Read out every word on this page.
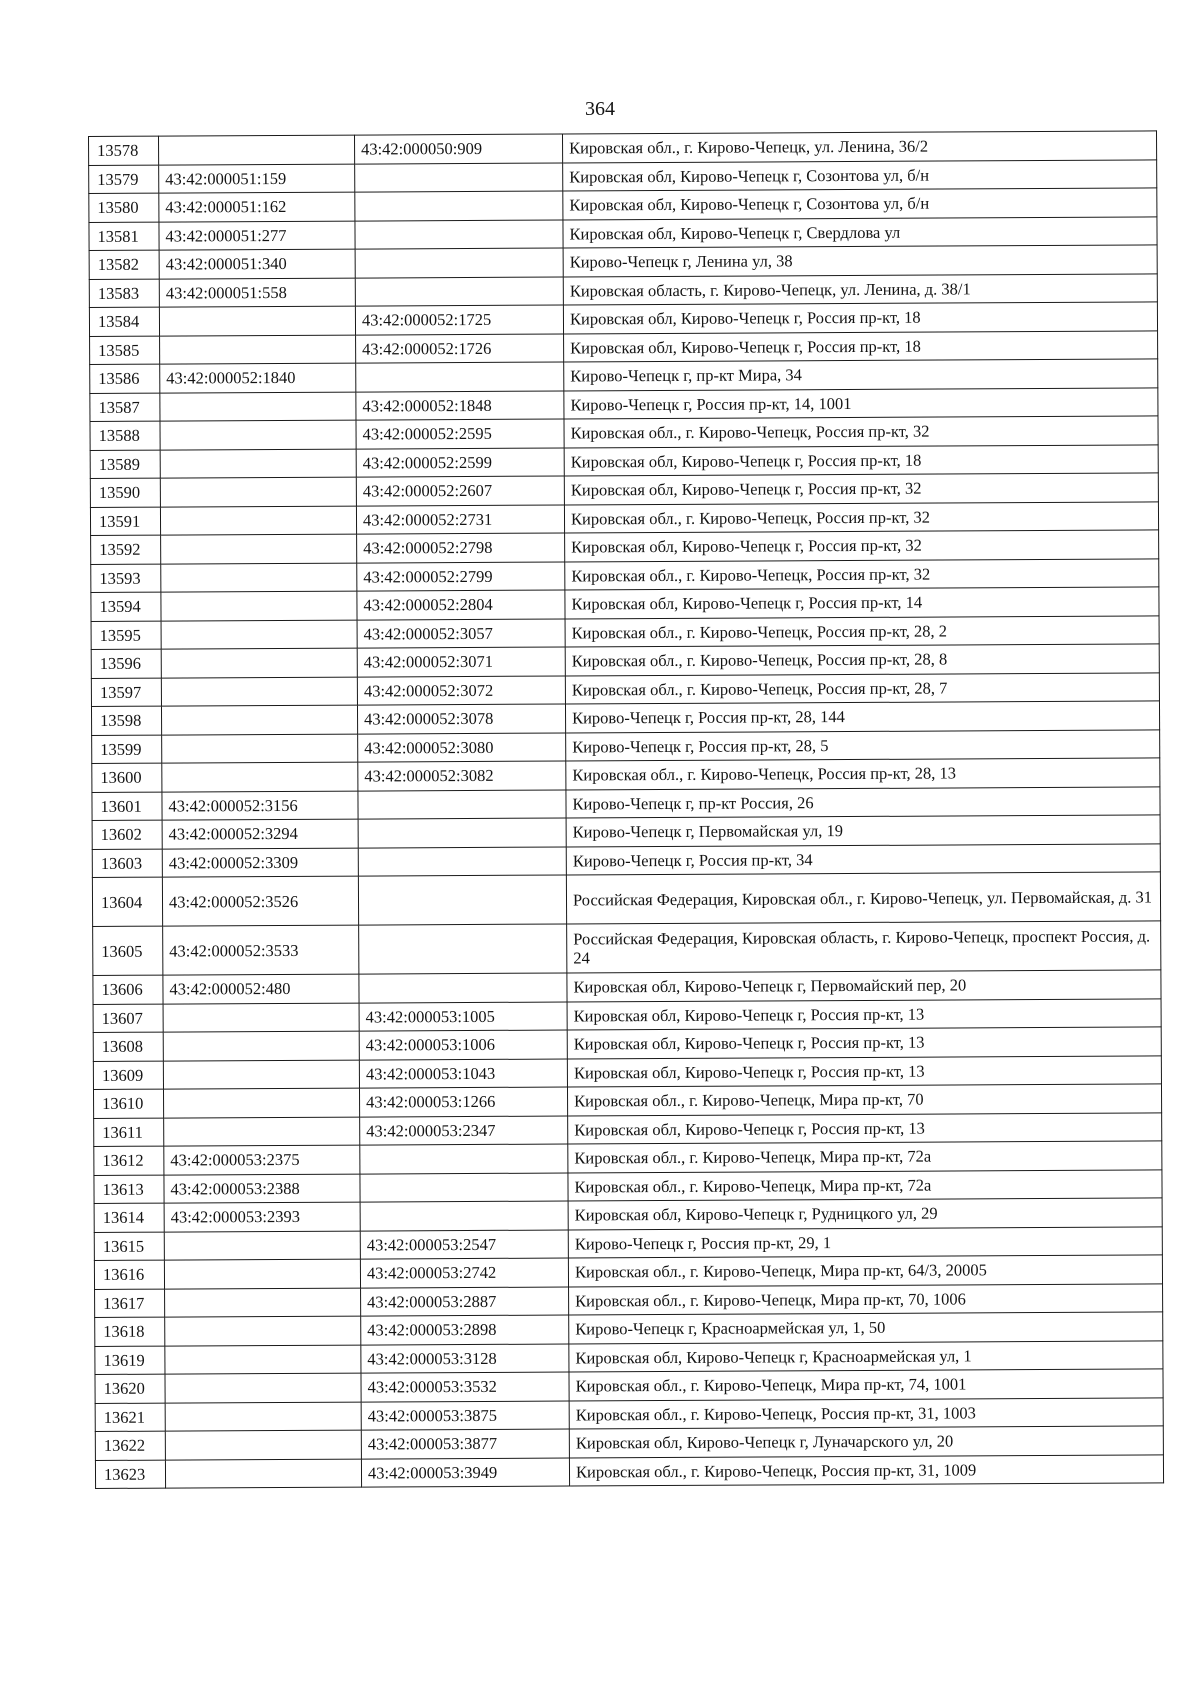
364
13578		43:42:000050:909	Кировская обл., г. Кирово-Чепецк, ул. Ленина, 36/2
13579	43:42:000051:159		Кировская обл, Кирово-Чепецк г, Созонтова ул, б/н
13580	43:42:000051:162		Кировская обл, Кирово-Чепецк г, Созонтова ул, б/н
13581	43:42:000051:277		Кировская обл, Кирово-Чепецк г, Свердлова ул
13582	43:42:000051:340		Кирово-Чепецк г, Ленина ул, 38
13583	43:42:000051:558		Кировская область, г. Кирово-Чепецк, ул. Ленина, д. 38/1
13584		43:42:000052:1725	Кировская обл, Кирово-Чепецк г, Россия пр-кт, 18
13585		43:42:000052:1726	Кировская обл, Кирово-Чепецк г, Россия пр-кт, 18
13586	43:42:000052:1840		Кирово-Чепецк г, пр-кт Мира, 34
13587		43:42:000052:1848	Кирово-Чепецк г, Россия пр-кт, 14, 1001
13588		43:42:000052:2595	Кировская обл., г. Кирово-Чепецк, Россия пр-кт, 32
13589		43:42:000052:2599	Кировская обл, Кирово-Чепецк г, Россия пр-кт, 18
13590		43:42:000052:2607	Кировская обл, Кирово-Чепецк г, Россия пр-кт, 32
13591		43:42:000052:2731	Кировская обл., г. Кирово-Чепецк, Россия пр-кт, 32
13592		43:42:000052:2798	Кировская обл, Кирово-Чепецк г, Россия пр-кт, 32
13593		43:42:000052:2799	Кировская обл., г. Кирово-Чепецк, Россия пр-кт, 32
13594		43:42:000052:2804	Кировская обл, Кирово-Чепецк г, Россия пр-кт, 14
13595		43:42:000052:3057	Кировская обл., г. Кирово-Чепецк, Россия пр-кт, 28, 2
13596		43:42:000052:3071	Кировская обл., г. Кирово-Чепецк, Россия пр-кт, 28, 8
13597		43:42:000052:3072	Кировская обл., г. Кирово-Чепецк, Россия пр-кт, 28, 7
13598		43:42:000052:3078	Кирово-Чепецк г, Россия пр-кт, 28, 144
13599		43:42:000052:3080	Кирово-Чепецк г, Россия пр-кт, 28, 5
13600		43:42:000052:3082	Кировская обл., г. Кирово-Чепецк, Россия пр-кт, 28, 13
13601	43:42:000052:3156		Кирово-Чепецк г, пр-кт Россия, 26
13602	43:42:000052:3294		Кирово-Чепецк г, Первомайская ул, 19
13603	43:42:000052:3309		Кирово-Чепецк г, Россия пр-кт, 34
13604	43:42:000052:3526		Российская Федерация, Кировская обл., г. Кирово-Чепецк, ул. Первомайская, д. 31
13605	43:42:000052:3533		Российская Федерация, Кировская область, г. Кирово-Чепецк, проспект Россия, д. 24
13606	43:42:000052:480		Кировская обл, Кирово-Чепецк г, Первомайский пер, 20
13607		43:42:000053:1005	Кировская обл, Кирово-Чепецк г, Россия пр-кт, 13
13608		43:42:000053:1006	Кировская обл, Кирово-Чепецк г, Россия пр-кт, 13
13609		43:42:000053:1043	Кировская обл, Кирово-Чепецк г, Россия пр-кт, 13
13610		43:42:000053:1266	Кировская обл., г. Кирово-Чепецк, Мира пр-кт, 70
13611		43:42:000053:2347	Кировская обл, Кирово-Чепецк г, Россия пр-кт, 13
13612	43:42:000053:2375		Кировская обл., г. Кирово-Чепецк, Мира пр-кт, 72а
13613	43:42:000053:2388		Кировская обл., г. Кирово-Чепецк, Мира пр-кт, 72а
13614	43:42:000053:2393		Кировская обл, Кирово-Чепецк г, Рудницкого ул, 29
13615		43:42:000053:2547	Кирово-Чепецк г, Россия пр-кт, 29, 1
13616		43:42:000053:2742	Кировская обл., г. Кирово-Чепецк, Мира пр-кт, 64/3, 20005
13617		43:42:000053:2887	Кировская обл., г. Кирово-Чепецк, Мира пр-кт, 70, 1006
13618		43:42:000053:2898	Кирово-Чепецк г, Красноармейская ул, 1, 50
13619		43:42:000053:3128	Кировская обл, Кирово-Чепецк г, Красноармейская ул, 1
13620		43:42:000053:3532	Кировская обл., г. Кирово-Чепецк, Мира пр-кт, 74, 1001
13621		43:42:000053:3875	Кировская обл., г. Кирово-Чепецк, Россия пр-кт, 31, 1003
13622		43:42:000053:3877	Кировская обл, Кирово-Чепецк г, Луначарского ул, 20
13623		43:42:000053:3949	Кировская обл., г. Кирово-Чепецк, Россия пр-кт, 31, 1009
